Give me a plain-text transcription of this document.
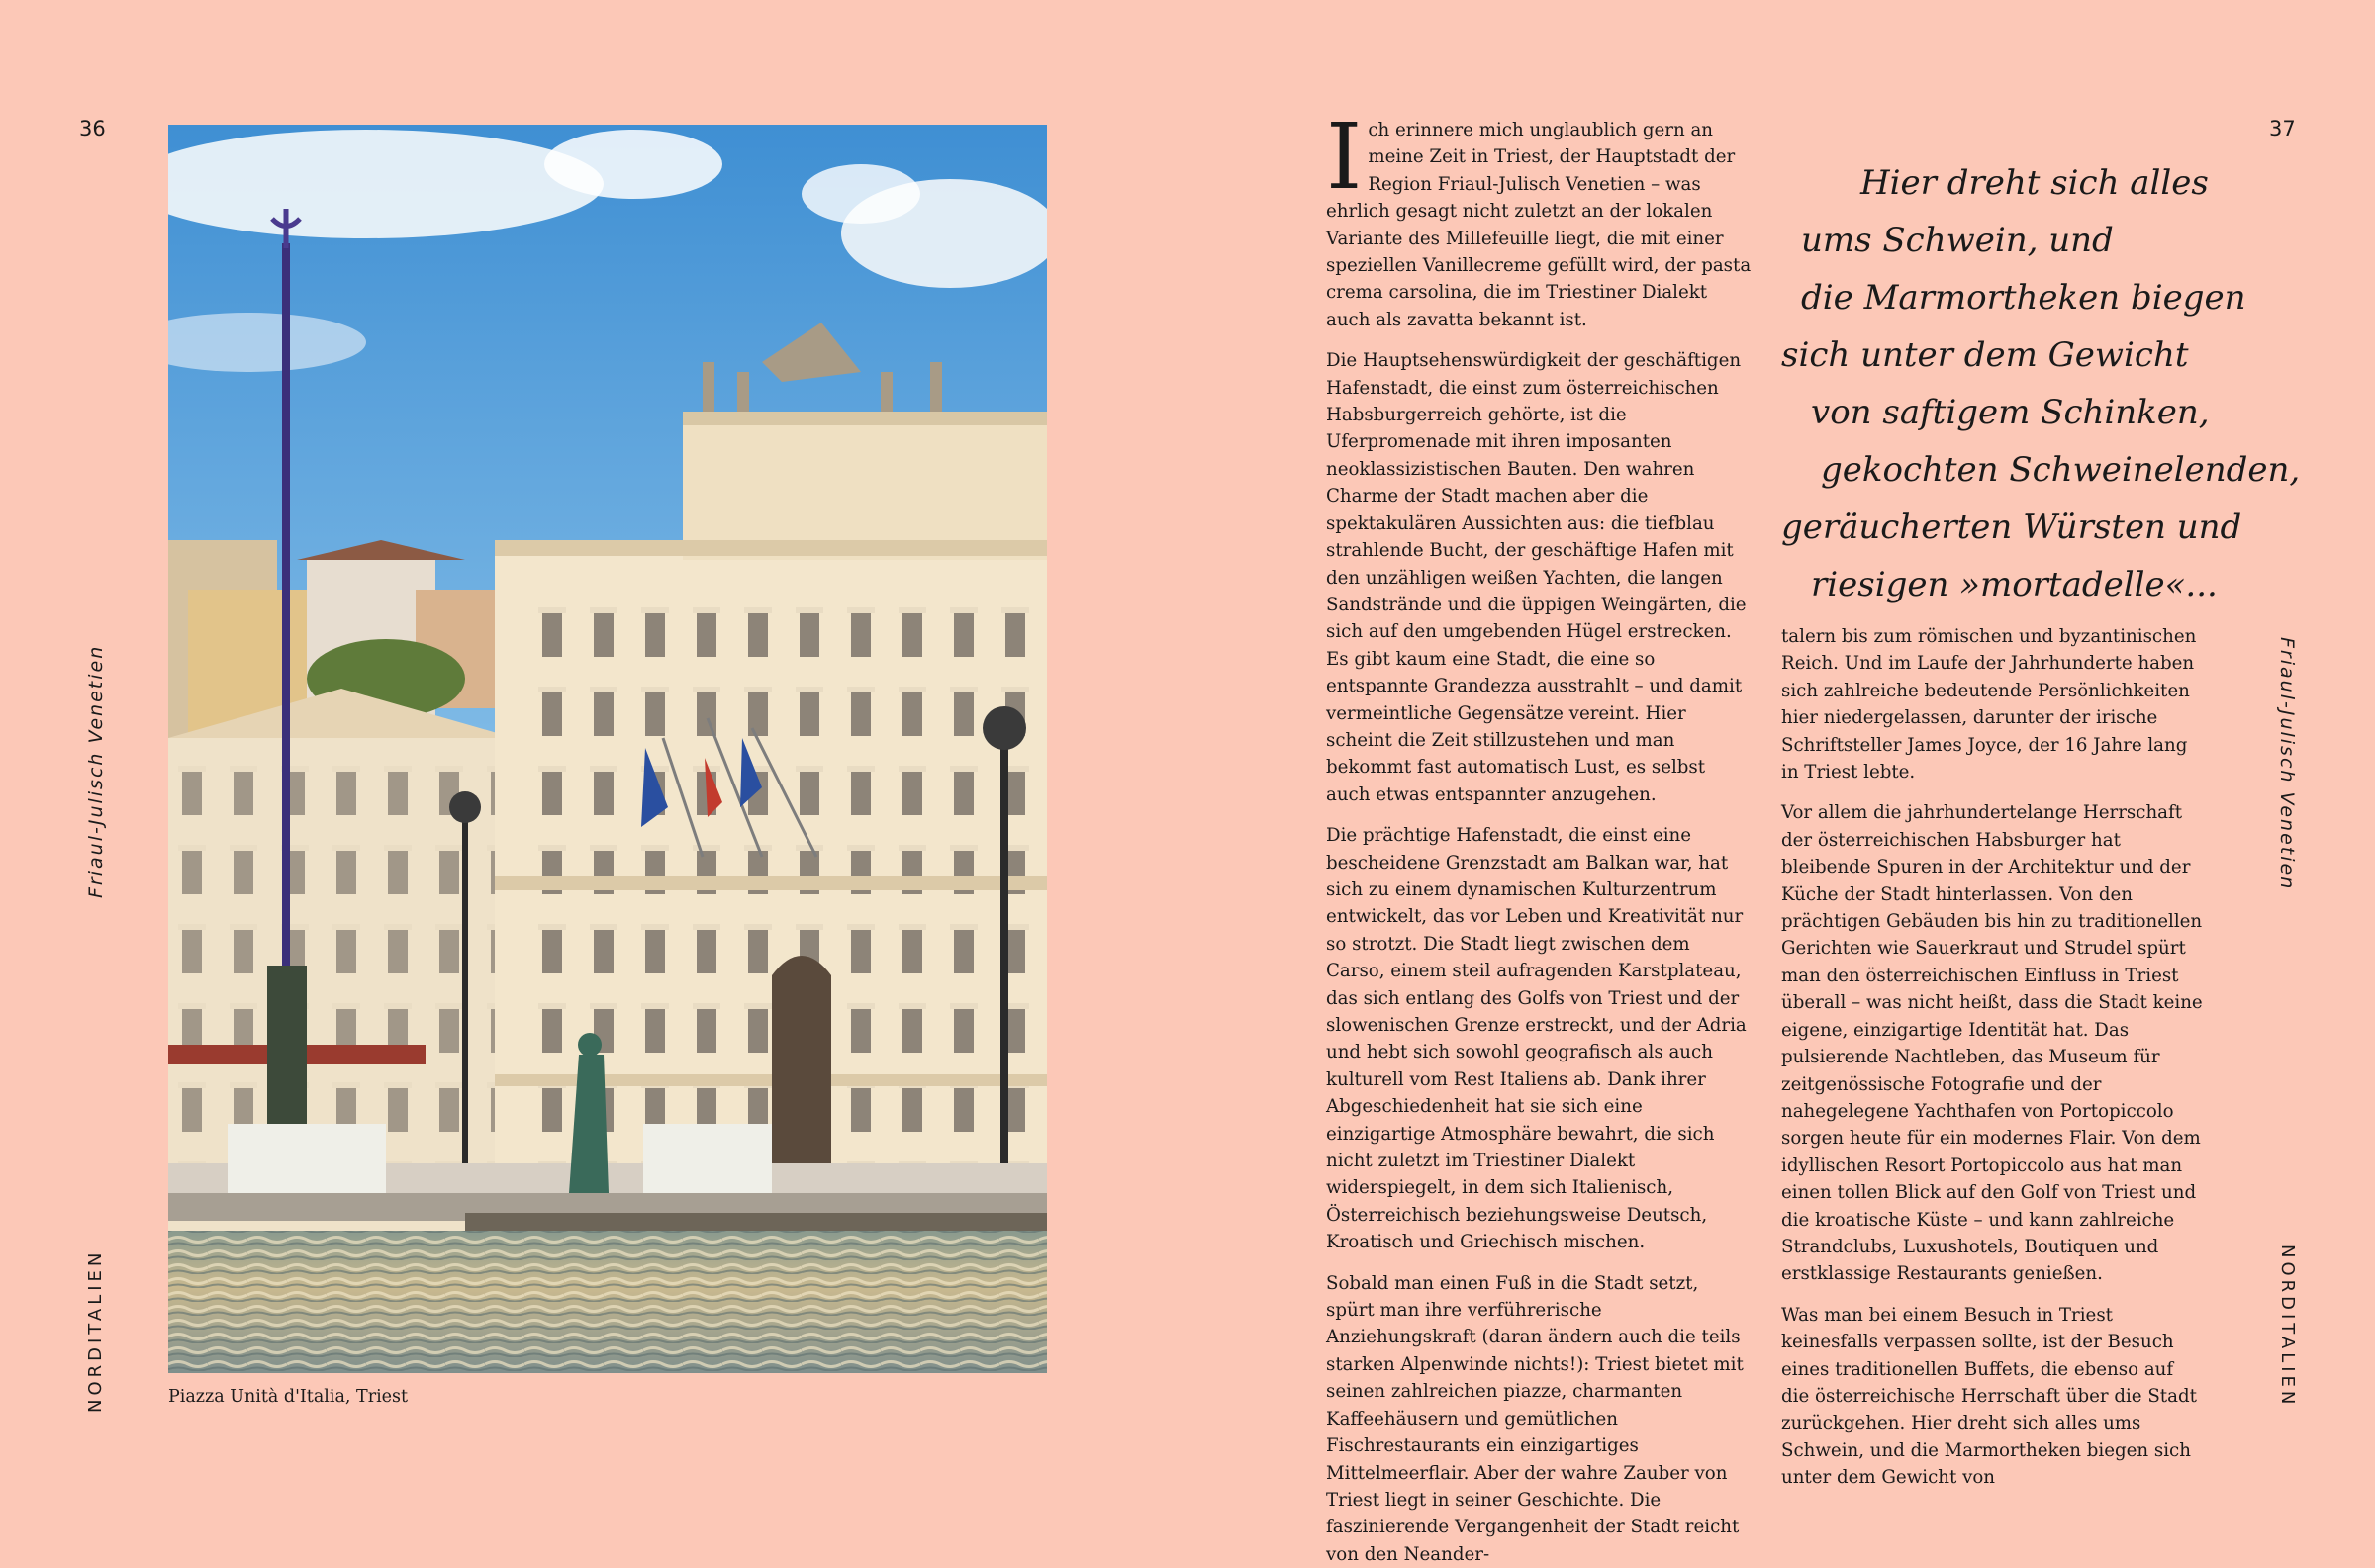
36
Friaul-Julisch Venetien
NORDITALIEN	Piazza Unità d'Italia, Triest
37
Friaul-Julisch Venetien
NORDITALIEN
Hier dreht sich alles
ums Schwein, und
die Marmortheken biegen
sich unter dem Gewicht
von saftigem Schinken,
gekochten Schweinelenden,
geräucherten Würsten und
riesigen »mortadelle«...

Ich erinnere mich unglaublich gern an meine Zeit in Triest, der Hauptstadt der Region Friaul-Julisch Venetien – was ehrlich gesagt nicht zuletzt an der lokalen Variante des Millefeuille liegt, die mit einer speziellen Vanillecreme gefüllt wird, der pasta crema carsolina, die im Triestiner Dialekt auch als zavatta bekannt ist.

Die Hauptsehenswürdigkeit der geschäftigen Hafenstadt, die einst zum österreichischen Habsburgerreich gehörte, ist die Uferpromenade mit ihren imposanten neoklassizistischen Bauten. Den wahren Charme der Stadt machen aber die spektakulären Aussichten aus: die tiefblau strahlende Bucht, der geschäftige Hafen mit den unzähligen weißen Yachten, die langen Sandstrände und die üppigen Weingärten, die sich auf den umgebenden Hügel erstrecken. Es gibt kaum eine Stadt, die eine so entspannte Grandezza ausstrahlt – und damit vermeintliche Gegensätze vereint. Hier scheint die Zeit stillzustehen und man bekommt fast automatisch Lust, es selbst auch etwas entspannter anzugehen.

Die prächtige Hafenstadt, die einst eine bescheidene Grenzstadt am Balkan war, hat sich zu einem dynamischen Kulturzentrum entwickelt, das vor Leben und Kreativität nur so strotzt. Die Stadt liegt zwischen dem Carso, einem steil aufragenden Karstplateau, das sich entlang des Golfs von Triest und der slowenischen Grenze erstreckt, und der Adria und hebt sich sowohl geografisch als auch kulturell vom Rest Italiens ab. Dank ihrer Abgeschiedenheit hat sie sich eine einzigartige Atmosphäre bewahrt, die sich nicht zuletzt im Triestiner Dialekt widerspiegelt, in dem sich Italienisch, Österreichisch beziehungsweise Deutsch, Kroatisch und Griechisch mischen.

Sobald man einen Fuß in die Stadt setzt, spürt man ihre verführerische Anziehungskraft (daran ändern auch die teils starken Alpenwinde nichts!): Triest bietet mit seinen zahlreichen piazze, charmanten Kaffeehäusern und gemütlichen Fischrestaurants ein einzigartiges Mittelmeerflair. Aber der wahre Zauber von Triest liegt in seiner Geschichte. Die faszinierende Vergangenheit der Stadt reicht von den Neander-

talern bis zum römischen und byzantinischen Reich. Und im Laufe der Jahrhunderte haben sich zahlreiche bedeutende Persönlichkeiten hier niedergelassen, darunter der irische Schriftsteller James Joyce, der 16 Jahre lang in Triest lebte.

Vor allem die jahrhundertelange Herrschaft der österreichischen Habsburger hat bleibende Spuren in der Architektur und der Küche der Stadt hinterlassen. Von den prächtigen Gebäuden bis hin zu traditionellen Gerichten wie Sauerkraut und Strudel spürt man den österreichischen Einfluss in Triest überall – was nicht heißt, dass die Stadt keine eigene, einzigartige Identität hat. Das pulsierende Nachtleben, das Museum für zeitgenössische Fotografie und der nahegelegene Yachthafen von Portopiccolo sorgen heute für ein modernes Flair. Von dem idyllischen Resort Portopiccolo aus hat man einen tollen Blick auf den Golf von Triest und die kroatische Küste – und kann zahlreiche Strandclubs, Luxushotels, Boutiquen und erstklassige Restaurants genießen.

Was man bei einem Besuch in Triest keinesfalls verpassen sollte, ist der Besuch eines traditionellen Buffets, die ebenso auf die österreichische Herrschaft über die Stadt zurückgehen. Hier dreht sich alles ums Schwein, und die Marmortheken biegen sich unter dem Gewicht von
